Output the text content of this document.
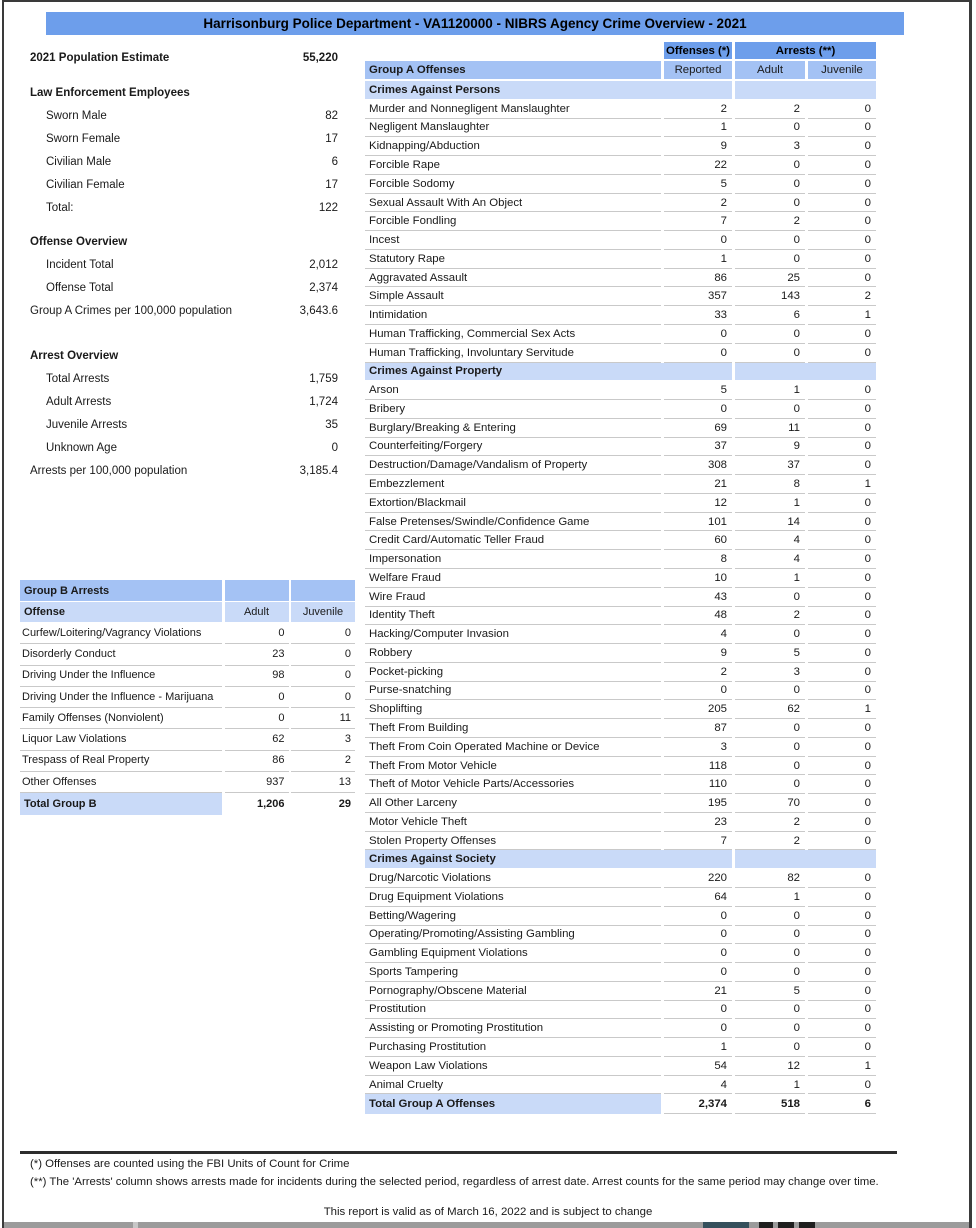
Harrisonburg Police Department - VA1120000 - NIBRS Agency Crime Overview - 2021
2021 Population Estimate	55,220
Law Enforcement Employees
Sworn Male	82
Sworn Female	17
Civilian Male	6
Civilian Female	17
Total:	122
Offense Overview
Incident Total	2,012
Offense Total	2,374
Group A Crimes per 100,000 population	3,643.6
Arrest Overview
Total Arrests	1,759
Adult Arrests	1,724
Juvenile Arrests	35
Unknown Age	0
Arrests per 100,000 population	3,185.4
Group B Arrests
Offense	Adult	Juvenile
Curfew/Loitering/Vagrancy Violations	0	0
Disorderly Conduct	23	0
Driving Under the Influence	98	0
Driving Under the Influence - Marijuana	0	0
Family Offenses (Nonviolent)	0	11
Liquor Law Violations	62	3
Trespass of Real Property	86	2
Other Offenses	937	13
Total Group B	1,206	29
Offenses (*)	Arrests (**)
Group A Offenses	Reported	Adult	Juvenile
Crimes Against Persons
Murder and Nonnegligent Manslaughter	2	2	0
Negligent Manslaughter	1	0	0
Kidnapping/Abduction	9	3	0
Forcible Rape	22	0	0
Forcible Sodomy	5	0	0
Sexual Assault With An Object	2	0	0
Forcible Fondling	7	2	0
Incest	0	0	0
Statutory Rape	1	0	0
Aggravated Assault	86	25	0
Simple Assault	357	143	2
Intimidation	33	6	1
Human Trafficking, Commercial Sex Acts	0	0	0
Human Trafficking, Involuntary Servitude	0	0	0
Crimes Against Property
Arson	5	1	0
Bribery	0	0	0
Burglary/Breaking & Entering	69	11	0
Counterfeiting/Forgery	37	9	0
Destruction/Damage/Vandalism of Property	308	37	0
Embezzlement	21	8	1
Extortion/Blackmail	12	1	0
False Pretenses/Swindle/Confidence Game	101	14	0
Credit Card/Automatic Teller Fraud	60	4	0
Impersonation	8	4	0
Welfare Fraud	10	1	0
Wire Fraud	43	0	0
Identity Theft	48	2	0
Hacking/Computer Invasion	4	0	0
Robbery	9	5	0
Pocket-picking	2	3	0
Purse-snatching	0	0	0
Shoplifting	205	62	1
Theft From Building	87	0	0
Theft From Coin Operated Machine or Device	3	0	0
Theft From Motor Vehicle	118	0	0
Theft of Motor Vehicle Parts/Accessories	110	0	0
All Other Larceny	195	70	0
Motor Vehicle Theft	23	2	0
Stolen Property Offenses	7	2	0
Crimes Against Society
Drug/Narcotic Violations	220	82	0
Drug Equipment Violations	64	1	0
Betting/Wagering	0	0	0
Operating/Promoting/Assisting Gambling	0	0	0
Gambling Equipment Violations	0	0	0
Sports Tampering	0	0	0
Pornography/Obscene Material	21	5	0
Prostitution	0	0	0
Assisting or Promoting Prostitution	0	0	0
Purchasing Prostitution	1	0	0
Weapon Law Violations	54	12	1
Animal Cruelty	4	1	0
Total Group A Offenses	2,374	518	6
(*) Offenses are counted using the FBI Units of Count for Crime
(**) The 'Arrests' column shows arrests made for incidents during the selected period, regardless of arrest date. Arrest counts for the same period may change over time.
This report is valid as of March 16, 2022 and is subject to change
